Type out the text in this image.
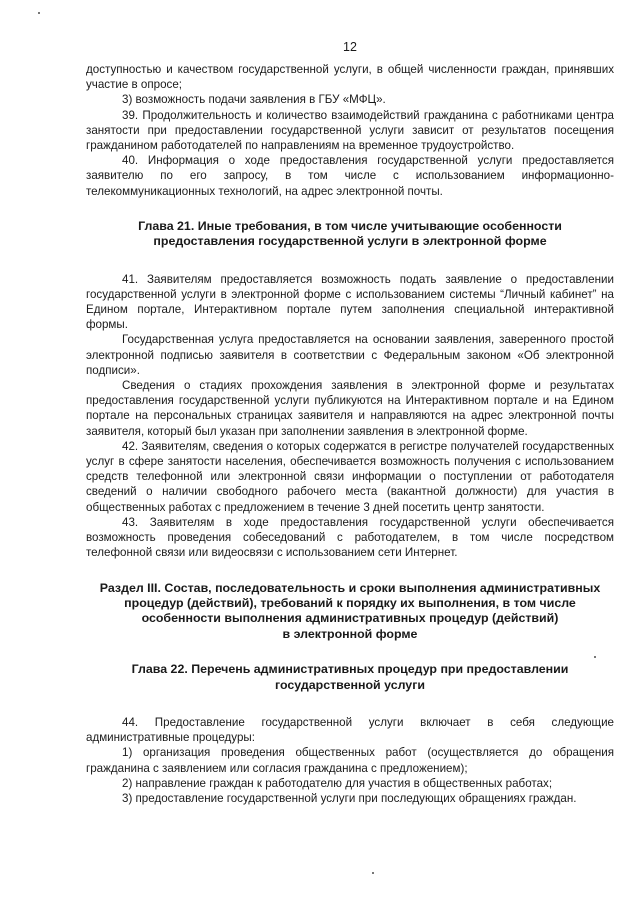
12

доступностью и качеством государственной услуги, в общей численности граждан, принявших участие в опросе;

3) возможность подачи заявления в ГБУ «МФЦ».

39. Продолжительность и количество взаимодействий гражданина с работниками центра занятости при предоставлении государственной услуги зависит от результатов посещения гражданином работодателей по направлениям на временное трудоустройство.

40. Информация о ходе предоставления государственной услуги предоставляется заявителю по его запросу, в том числе с использованием информационно-телекоммуникационных технологий, на адрес электронной почты.

Глава 21. Иные требования, в том числе учитывающие особенности
предоставления государственной услуги в электронной форме

41. Заявителям предоставляется возможность подать заявление о предоставлении государственной услуги в электронной форме с использованием системы “Личный кабинет” на Едином портале, Интерактивном портале путем заполнения специальной интерактивной формы.

Государственная услуга предоставляется на основании заявления, заверенного простой электронной подписью заявителя в соответствии с Федеральным законом «Об электронной подписи».

Сведения о стадиях прохождения заявления в электронной форме и результатах предоставления государственной услуги публикуются на Интерактивном портале и на Едином портале на персональных страницах заявителя и направляются на адрес электронной почты заявителя, который был указан при заполнении заявления в электронной форме.

42. Заявителям, сведения о которых содержатся в регистре получателей государственных услуг в сфере занятости населения, обеспечивается возможность получения с использованием средств телефонной или электронной связи информации о поступлении от работодателя сведений о наличии свободного рабочего места (вакантной должности) для участия в общественных работах с предложением в течение 3 дней посетить центр занятости.

43. Заявителям в ходе предоставления государственной услуги обеспечивается возможность проведения собеседований с работодателем, в том числе посредством телефонной связи или видеосвязи с использованием сети Интернет.

Раздел III. Состав, последовательность и сроки выполнения административных
процедур (действий), требований к порядку их выполнения, в том числе
особенности выполнения административных процедур (действий)
в электронной форме
Глава 22. Перечень административных процедур при предоставлении
государственной услуги

44. Предоставление государственной услуги включает в себя следующие административные процедуры:

1) организация проведения общественных работ (осуществляется до обращения гражданина с заявлением или согласия гражданина с предложением);

2) направление граждан к работодателю для участия в общественных работах;

3) предоставление государственной услуги при последующих обращениях граждан.
